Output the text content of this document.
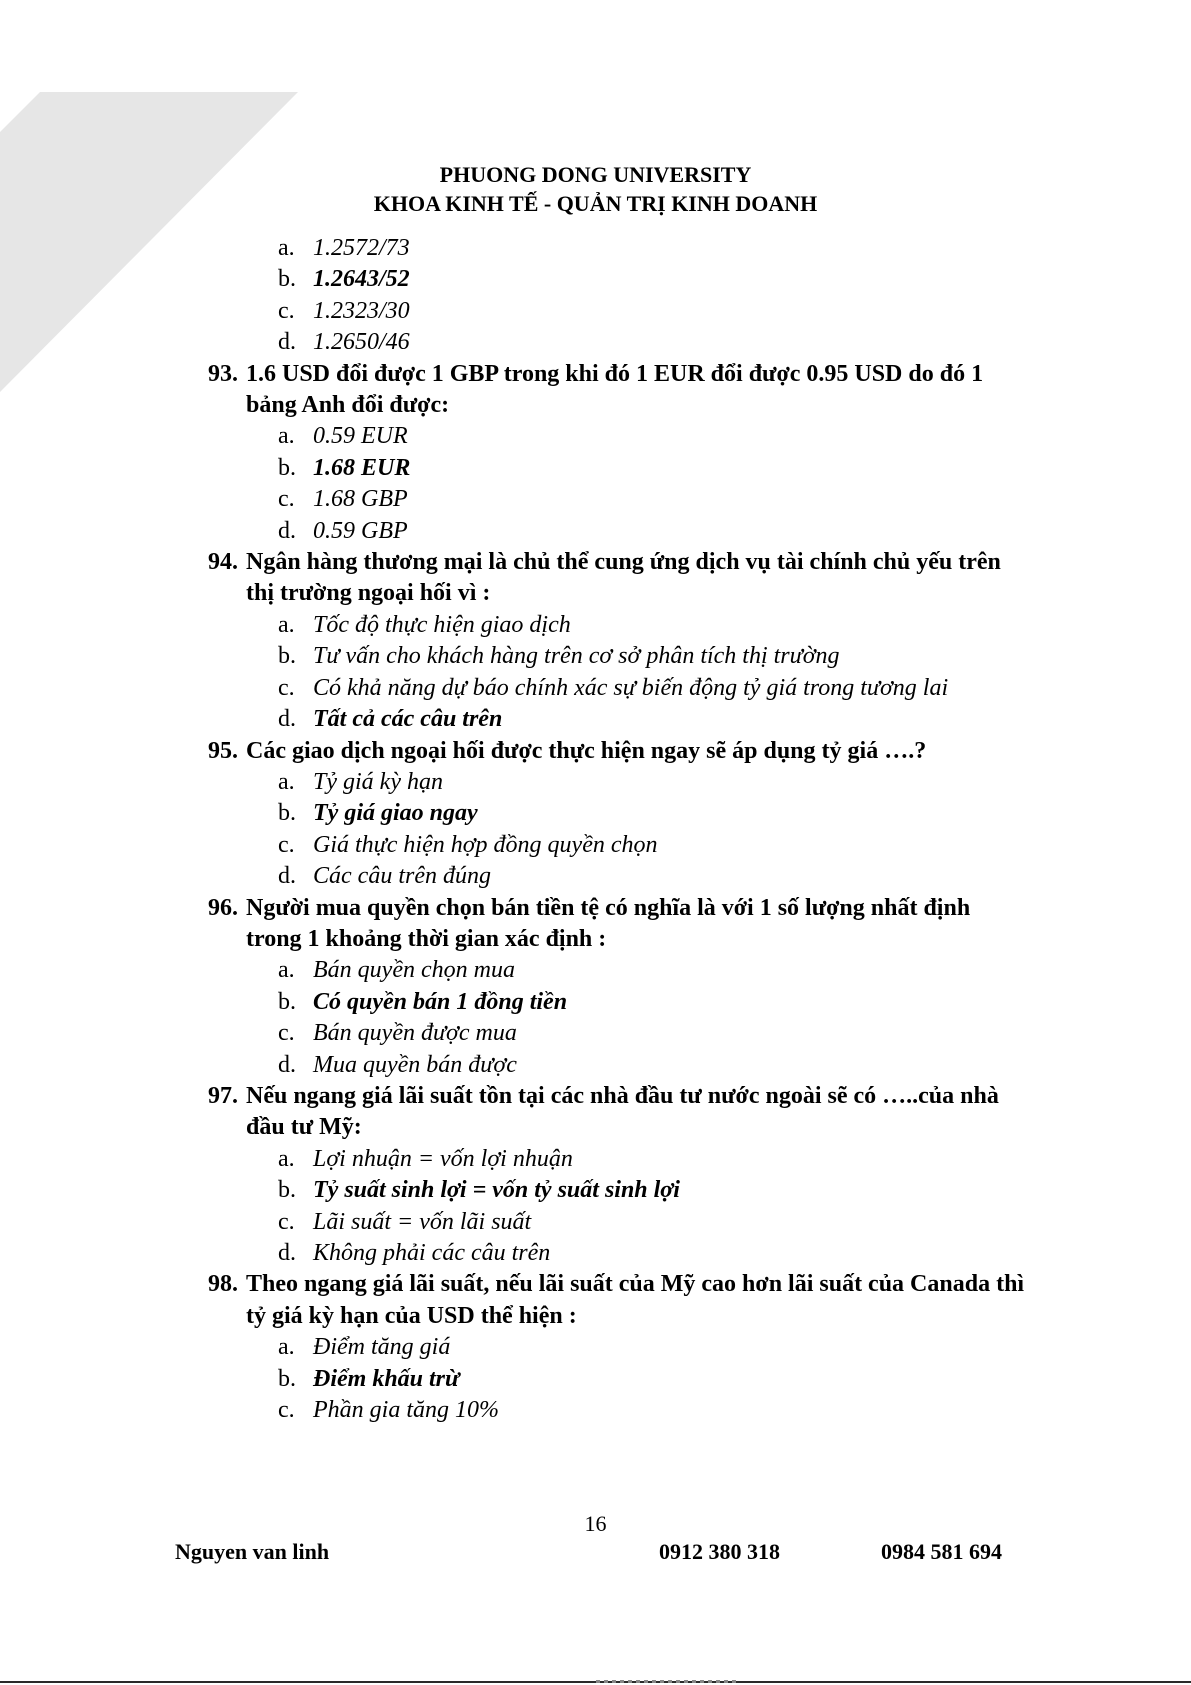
PHUONG DONG UNIVERSITY
KHOA KINH TẾ - QUẢN TRỊ KINH DOANH
a. 1.2572/73
b. 1.2643/52
c. 1.2323/30
d. 1.2650/46
93. 1.6 USD đổi được 1 GBP trong khi đó 1 EUR đổi được 0.95 USD do đó 1 bảng Anh đổi được:
a. 0.59 EUR
b. 1.68 EUR
c. 1.68 GBP
d. 0.59 GBP
94. Ngân hàng thương mại là chủ thể cung ứng dịch vụ tài chính chủ yếu trên thị trường ngoại hối vì :
a. Tốc độ thực hiện giao dịch
b. Tư vấn cho khách hàng trên cơ sở phân tích thị trường
c. Có khả năng dự báo chính xác sự biến động tỷ giá trong tương lai
d. Tất cả các câu trên
95. Các giao dịch ngoại hối được thực hiện ngay sẽ áp dụng tỷ giá ….?
a. Tỷ giá kỳ hạn
b. Tỷ giá giao ngay
c. Giá thực hiện hợp đồng quyền chọn
d. Các câu trên đúng
96. Người mua quyền chọn bán tiền tệ có nghĩa là với 1 số lượng nhất định trong 1 khoảng thời gian xác định :
a. Bán quyền chọn mua
b. Có quyền bán 1 đồng tiền
c. Bán quyền được mua
d. Mua quyền bán được
97. Nếu ngang giá lãi suất tồn tại các nhà đầu tư nước ngoài sẽ có …..của nhà đầu tư Mỹ:
a. Lợi nhuận = vốn lợi nhuận
b. Tỷ suất sinh lợi = vốn tỷ suất sinh lợi
c. Lãi suất = vốn lãi suất
d. Không phải các câu trên
98. Theo ngang giá lãi suất, nếu lãi suất của Mỹ cao hơn lãi suất của Canada thì tỷ giá kỳ hạn của USD thể hiện :
a. Điểm tăng giá
b. Điểm khấu trừ
c. Phần gia tăng 10%
16
Nguyen van linh	0912 380 318	0984 581 694
